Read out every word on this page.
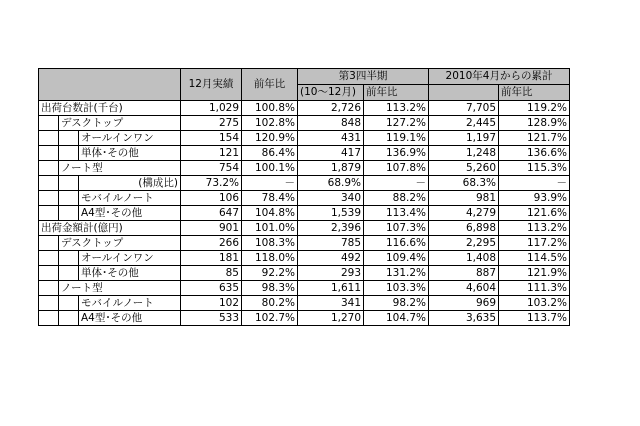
			12月実績	前年比	第3四半期		2010年4月からの累計	
					(10～12月)	前年比		前年比
出荷台数計(千台)			1,029	100.8%	2,726	113.2%	7,705	119.2%
	デスクトップ		275	102.8%	848	127.2%	2,445	128.9%
		オールインワン	154	120.9%	431	119.1%	1,197	121.7%
		単体･その他	121	86.4%	417	136.9%	1,248	136.6%
	ノート型		754	100.1%	1,879	107.8%	5,260	115.3%
		(構成比)	73.2%	－	68.9%	－	68.3%	－
		モバイルノート	106	78.4%	340	88.2%	981	93.9%
		A4型･その他	647	104.8%	1,539	113.4%	4,279	121.6%
出荷金額計(億円)			901	101.0%	2,396	107.3%	6,898	113.2%
	デスクトップ		266	108.3%	785	116.6%	2,295	117.2%
		オールインワン	181	118.0%	492	109.4%	1,408	114.5%
		単体･その他	85	92.2%	293	131.2%	887	121.9%
	ノート型		635	98.3%	1,611	103.3%	4,604	111.3%
		モバイルノート	102	80.2%	341	98.2%	969	103.2%
		A4型･その他	533	102.7%	1,270	104.7%	3,635	113.7%
